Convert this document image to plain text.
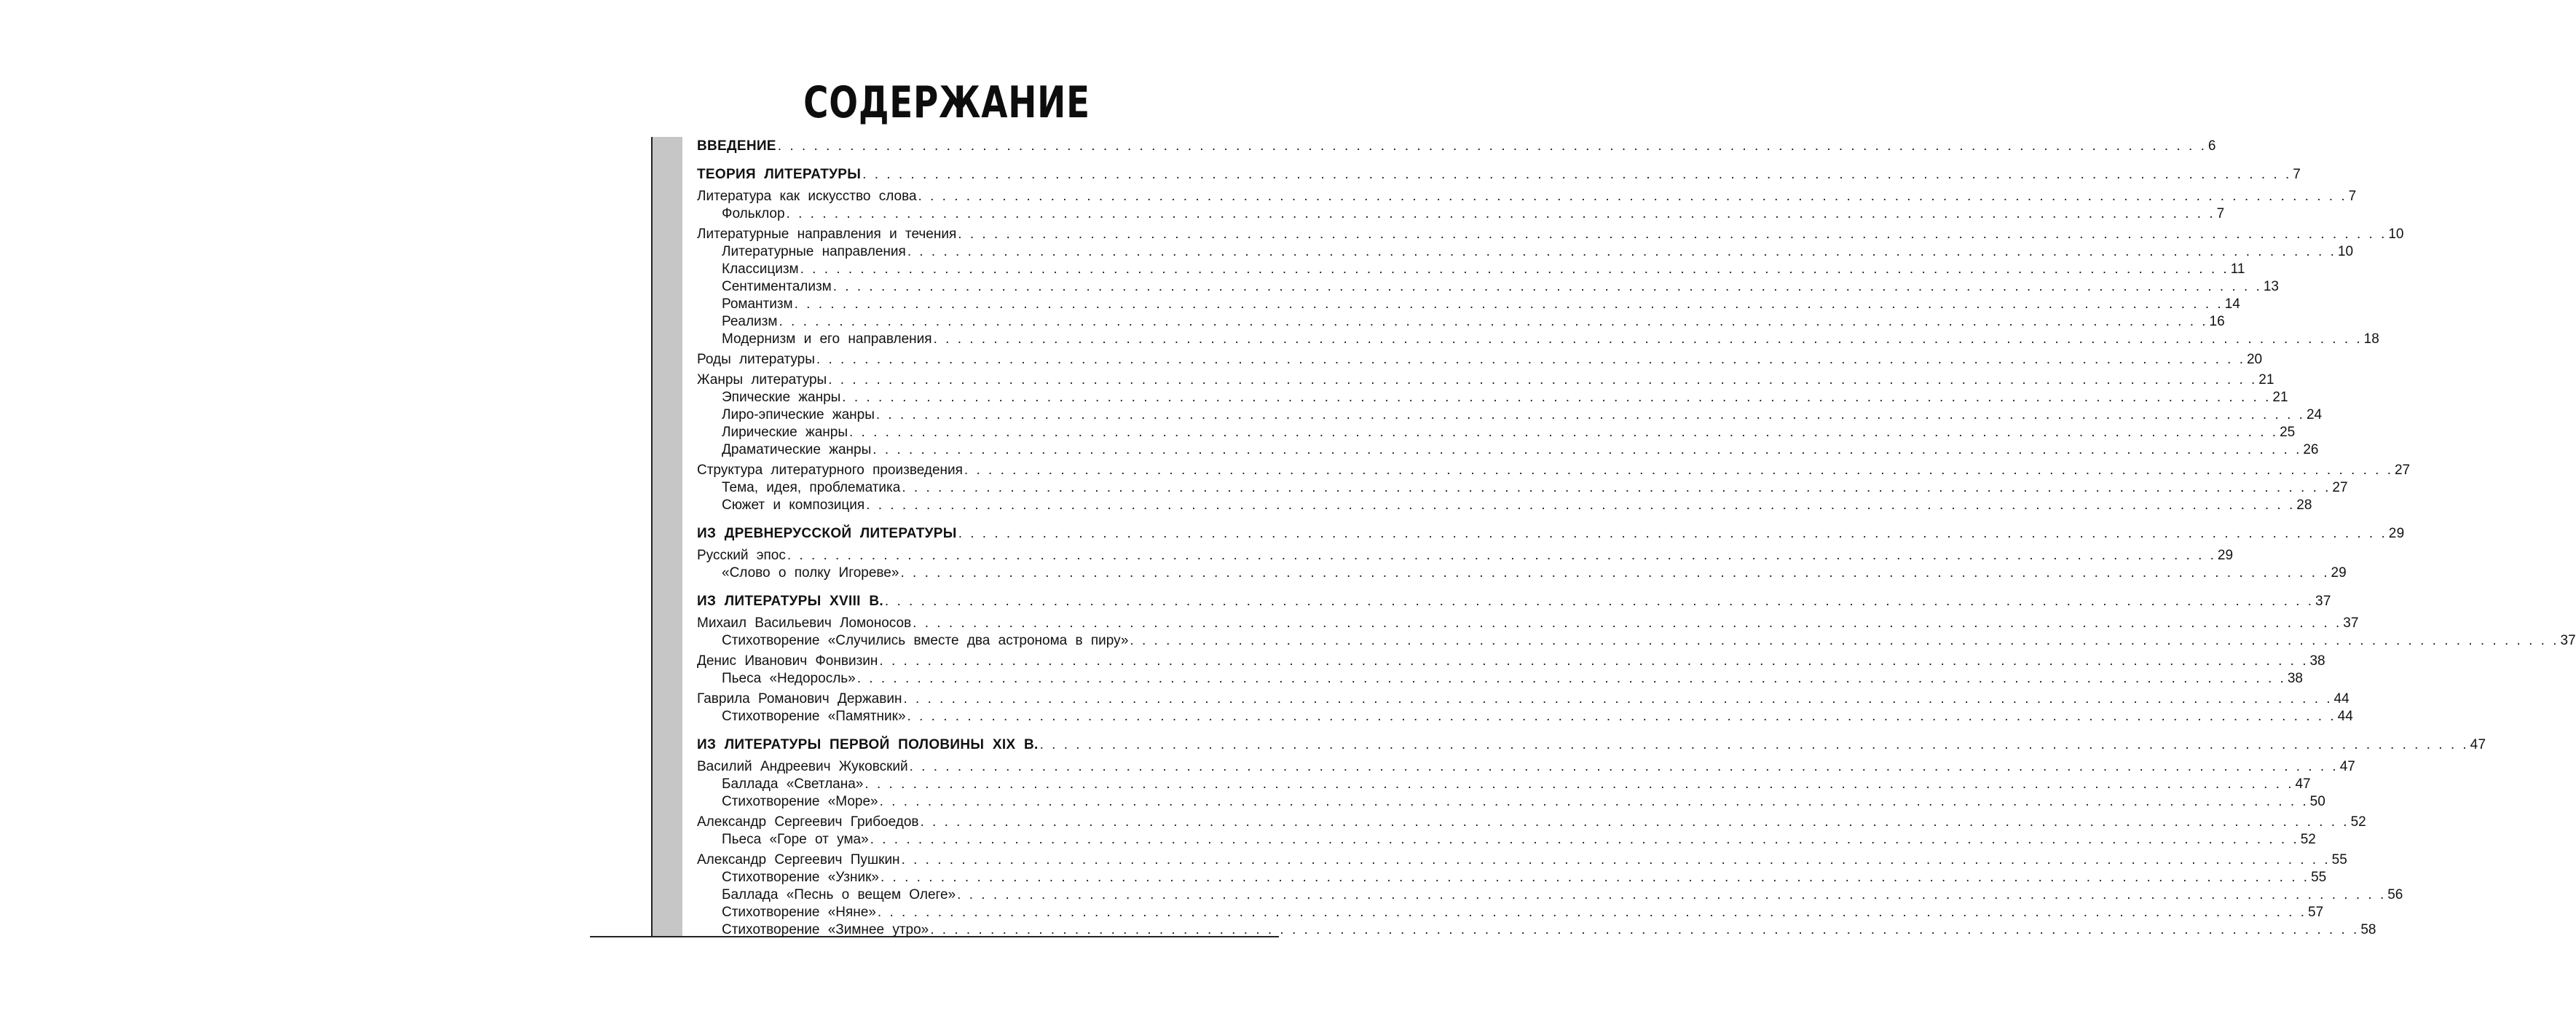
СОДЕРЖАНИЕ
ВВЕДЕНИЕ . . . . . . . . . . . . . . . . . . . . . . . . . . . . . . . . . . . . . . . . . . . . . . . . . . . . . . . . . . . . . . . . . . . . . . . . . . . . . . . . . . . . . . . . . . . . . . . . . . . . . . . . . . . . . . . . . . . . . . . 6
ТЕОРИЯ ЛИТЕРАТУРЫ . . . . . . . . . . . . . . . . . . . . . . . . . . . . . . . . . . . . . . . . . . . . . . . . . . . . . . . . . . . . . . . . . . . . . . . . . . . . . . . . . . . . . . . . . . . . . . . . . . . . . . . . . . . . . . . . . . . . . . . 7
Литература как искусство слова . . . . . . . . . . . . . . . . . . . . . . . . . . . . . . . . . . . . . . . . . . . . . . . . . . . . . . . . . . . . . . . . . . . . . . . . . . . . . . . . . . . . . . . . . . . . . . . . . . . . . . . . . . . . . . . . . . . . . . . 7
Фольклор . . . . . . . . . . . . . . . . . . . . . . . . . . . . . . . . . . . . . . . . . . . . . . . . . . . . . . . . . . . . . . . . . . . . . . . . . . . . . . . . . . . . . . . . . . . . . . . . . . . . . . . . . . . . . . . . . . . . . . . 7
Литературные направления и течения . . . . . . . . . . . . . . . . . . . . . . . . . . . . . . . . . . . . . . . . . . . . . . . . . . . . . . . . . . . . . . . . . . . . . . . . . . . . . . . . . . . . . . . . . . . . . . . . . . . . . . . . . . . . . . . . . . . . . . . 10
Литературные направления . . . . . . . . . . . . . . . . . . . . . . . . . . . . . . . . . . . . . . . . . . . . . . . . . . . . . . . . . . . . . . . . . . . . . . . . . . . . . . . . . . . . . . . . . . . . . . . . . . . . . . . . . . . . . . . . . . . . . . . 10
Классицизм . . . . . . . . . . . . . . . . . . . . . . . . . . . . . . . . . . . . . . . . . . . . . . . . . . . . . . . . . . . . . . . . . . . . . . . . . . . . . . . . . . . . . . . . . . . . . . . . . . . . . . . . . . . . . . . . . . . . . . . 11
Сентиментализм . . . . . . . . . . . . . . . . . . . . . . . . . . . . . . . . . . . . . . . . . . . . . . . . . . . . . . . . . . . . . . . . . . . . . . . . . . . . . . . . . . . . . . . . . . . . . . . . . . . . . . . . . . . . . . . . . . . . . . . 13
Романтизм . . . . . . . . . . . . . . . . . . . . . . . . . . . . . . . . . . . . . . . . . . . . . . . . . . . . . . . . . . . . . . . . . . . . . . . . . . . . . . . . . . . . . . . . . . . . . . . . . . . . . . . . . . . . . . . . . . . . . . . 14
Реализм . . . . . . . . . . . . . . . . . . . . . . . . . . . . . . . . . . . . . . . . . . . . . . . . . . . . . . . . . . . . . . . . . . . . . . . . . . . . . . . . . . . . . . . . . . . . . . . . . . . . . . . . . . . . . . . . . . . . . . . 16
Модернизм и его направления . . . . . . . . . . . . . . . . . . . . . . . . . . . . . . . . . . . . . . . . . . . . . . . . . . . . . . . . . . . . . . . . . . . . . . . . . . . . . . . . . . . . . . . . . . . . . . . . . . . . . . . . . . . . . . . . . . . . . . . 18
Роды литературы . . . . . . . . . . . . . . . . . . . . . . . . . . . . . . . . . . . . . . . . . . . . . . . . . . . . . . . . . . . . . . . . . . . . . . . . . . . . . . . . . . . . . . . . . . . . . . . . . . . . . . . . . . . . . . . . . . . . . . . 20
Жанры литературы . . . . . . . . . . . . . . . . . . . . . . . . . . . . . . . . . . . . . . . . . . . . . . . . . . . . . . . . . . . . . . . . . . . . . . . . . . . . . . . . . . . . . . . . . . . . . . . . . . . . . . . . . . . . . . . . . . . . . . . 21
Эпические жанры . . . . . . . . . . . . . . . . . . . . . . . . . . . . . . . . . . . . . . . . . . . . . . . . . . . . . . . . . . . . . . . . . . . . . . . . . . . . . . . . . . . . . . . . . . . . . . . . . . . . . . . . . . . . . . . . . . . . . . . 21
Лиро-эпические жанры . . . . . . . . . . . . . . . . . . . . . . . . . . . . . . . . . . . . . . . . . . . . . . . . . . . . . . . . . . . . . . . . . . . . . . . . . . . . . . . . . . . . . . . . . . . . . . . . . . . . . . . . . . . . . . . . . . . . . . . 24
Лирические жанры . . . . . . . . . . . . . . . . . . . . . . . . . . . . . . . . . . . . . . . . . . . . . . . . . . . . . . . . . . . . . . . . . . . . . . . . . . . . . . . . . . . . . . . . . . . . . . . . . . . . . . . . . . . . . . . . . . . . . . . 25
Драматические жанры . . . . . . . . . . . . . . . . . . . . . . . . . . . . . . . . . . . . . . . . . . . . . . . . . . . . . . . . . . . . . . . . . . . . . . . . . . . . . . . . . . . . . . . . . . . . . . . . . . . . . . . . . . . . . . . . . . . . . . . 26
Структура литературного произведения . . . . . . . . . . . . . . . . . . . . . . . . . . . . . . . . . . . . . . . . . . . . . . . . . . . . . . . . . . . . . . . . . . . . . . . . . . . . . . . . . . . . . . . . . . . . . . . . . . . . . . . . . . . . . . . . . . . . . . . 27
Тема, идея, проблематика . . . . . . . . . . . . . . . . . . . . . . . . . . . . . . . . . . . . . . . . . . . . . . . . . . . . . . . . . . . . . . . . . . . . . . . . . . . . . . . . . . . . . . . . . . . . . . . . . . . . . . . . . . . . . . . . . . . . . . . 27
Сюжет и композиция . . . . . . . . . . . . . . . . . . . . . . . . . . . . . . . . . . . . . . . . . . . . . . . . . . . . . . . . . . . . . . . . . . . . . . . . . . . . . . . . . . . . . . . . . . . . . . . . . . . . . . . . . . . . . . . . . . . . . . . 28
ИЗ ДРЕВНЕРУССКОЙ ЛИТЕРАТУРЫ . . . . . . . . . . . . . . . . . . . . . . . . . . . . . . . . . . . . . . . . . . . . . . . . . . . . . . . . . . . . . . . . . . . . . . . . . . . . . . . . . . . . . . . . . . . . . . . . . . . . . . . . . . . . . . . . . . . . . . . 29
Русский эпос . . . . . . . . . . . . . . . . . . . . . . . . . . . . . . . . . . . . . . . . . . . . . . . . . . . . . . . . . . . . . . . . . . . . . . . . . . . . . . . . . . . . . . . . . . . . . . . . . . . . . . . . . . . . . . . . . . . . . . . 29
«Слово о полку Игореве» . . . . . . . . . . . . . . . . . . . . . . . . . . . . . . . . . . . . . . . . . . . . . . . . . . . . . . . . . . . . . . . . . . . . . . . . . . . . . . . . . . . . . . . . . . . . . . . . . . . . . . . . . . . . . . . . . . . . . . . 29
ИЗ ЛИТЕРАТУРЫ XVIII В. . . . . . . . . . . . . . . . . . . . . . . . . . . . . . . . . . . . . . . . . . . . . . . . . . . . . . . . . . . . . . . . . . . . . . . . . . . . . . . . . . . . . . . . . . . . . . . . . . . . . . . . . . . . . . . . . . . . . . . . 37
Михаил Васильевич Ломоносов . . . . . . . . . . . . . . . . . . . . . . . . . . . . . . . . . . . . . . . . . . . . . . . . . . . . . . . . . . . . . . . . . . . . . . . . . . . . . . . . . . . . . . . . . . . . . . . . . . . . . . . . . . . . . . . . . . . . . . . 37
Стихотворение «Случились вместе два астронома в пиру» . . . . . . . . . . . . . . . . . . . . . . . . . . . . . . . . . . . . . . . . . . . . . . . . . . . . . . . . . . . . . . . . . . . . . . . . . . . . . . . . . . . . . . . . . . . . . . . . . . . . . . . . . . . . . . . . . . . . . . . 37
Денис Иванович Фонвизин . . . . . . . . . . . . . . . . . . . . . . . . . . . . . . . . . . . . . . . . . . . . . . . . . . . . . . . . . . . . . . . . . . . . . . . . . . . . . . . . . . . . . . . . . . . . . . . . . . . . . . . . . . . . . . . . . . . . . . . 38
Пьеса «Недоросль» . . . . . . . . . . . . . . . . . . . . . . . . . . . . . . . . . . . . . . . . . . . . . . . . . . . . . . . . . . . . . . . . . . . . . . . . . . . . . . . . . . . . . . . . . . . . . . . . . . . . . . . . . . . . . . . . . . . . . . . 38
Гаврила Романович Державин . . . . . . . . . . . . . . . . . . . . . . . . . . . . . . . . . . . . . . . . . . . . . . . . . . . . . . . . . . . . . . . . . . . . . . . . . . . . . . . . . . . . . . . . . . . . . . . . . . . . . . . . . . . . . . . . . . . . . . . 44
Стихотворение «Памятник» . . . . . . . . . . . . . . . . . . . . . . . . . . . . . . . . . . . . . . . . . . . . . . . . . . . . . . . . . . . . . . . . . . . . . . . . . . . . . . . . . . . . . . . . . . . . . . . . . . . . . . . . . . . . . . . . . . . . . . . 44
ИЗ ЛИТЕРАТУРЫ ПЕРВОЙ ПОЛОВИНЫ XIX В. . . . . . . . . . . . . . . . . . . . . . . . . . . . . . . . . . . . . . . . . . . . . . . . . . . . . . . . . . . . . . . . . . . . . . . . . . . . . . . . . . . . . . . . . . . . . . . . . . . . . . . . . . . . . . . . . . . . . . . . 47
Василий Андреевич Жуковский . . . . . . . . . . . . . . . . . . . . . . . . . . . . . . . . . . . . . . . . . . . . . . . . . . . . . . . . . . . . . . . . . . . . . . . . . . . . . . . . . . . . . . . . . . . . . . . . . . . . . . . . . . . . . . . . . . . . . . . 47
Баллада «Светлана» . . . . . . . . . . . . . . . . . . . . . . . . . . . . . . . . . . . . . . . . . . . . . . . . . . . . . . . . . . . . . . . . . . . . . . . . . . . . . . . . . . . . . . . . . . . . . . . . . . . . . . . . . . . . . . . . . . . . . . . 47
Стихотворение «Море» . . . . . . . . . . . . . . . . . . . . . . . . . . . . . . . . . . . . . . . . . . . . . . . . . . . . . . . . . . . . . . . . . . . . . . . . . . . . . . . . . . . . . . . . . . . . . . . . . . . . . . . . . . . . . . . . . . . . . . . 50
Александр Сергеевич Грибоедов . . . . . . . . . . . . . . . . . . . . . . . . . . . . . . . . . . . . . . . . . . . . . . . . . . . . . . . . . . . . . . . . . . . . . . . . . . . . . . . . . . . . . . . . . . . . . . . . . . . . . . . . . . . . . . . . . . . . . . . 52
Пьеса «Горе от ума» . . . . . . . . . . . . . . . . . . . . . . . . . . . . . . . . . . . . . . . . . . . . . . . . . . . . . . . . . . . . . . . . . . . . . . . . . . . . . . . . . . . . . . . . . . . . . . . . . . . . . . . . . . . . . . . . . . . . . . . 52
Александр Сергеевич Пушкин . . . . . . . . . . . . . . . . . . . . . . . . . . . . . . . . . . . . . . . . . . . . . . . . . . . . . . . . . . . . . . . . . . . . . . . . . . . . . . . . . . . . . . . . . . . . . . . . . . . . . . . . . . . . . . . . . . . . . . . 55
Стихотворение «Узник» . . . . . . . . . . . . . . . . . . . . . . . . . . . . . . . . . . . . . . . . . . . . . . . . . . . . . . . . . . . . . . . . . . . . . . . . . . . . . . . . . . . . . . . . . . . . . . . . . . . . . . . . . . . . . . . . . . . . . . . 55
Баллада «Песнь о вещем Олеге» . . . . . . . . . . . . . . . . . . . . . . . . . . . . . . . . . . . . . . . . . . . . . . . . . . . . . . . . . . . . . . . . . . . . . . . . . . . . . . . . . . . . . . . . . . . . . . . . . . . . . . . . . . . . . . . . . . . . . . . 56
Стихотворение «Няне» . . . . . . . . . . . . . . . . . . . . . . . . . . . . . . . . . . . . . . . . . . . . . . . . . . . . . . . . . . . . . . . . . . . . . . . . . . . . . . . . . . . . . . . . . . . . . . . . . . . . . . . . . . . . . . . . . . . . . . . 57
Стихотворение «Зимнее утро» . . . . . . . . . . . . . . . . . . . . . . . . . . . . . . . . . . . . . . . . . . . . . . . . . . . . . . . . . . . . . . . . . . . . . . . . . . . . . . . . . . . . . . . . . . . . . . . . . . . . . . . . . . . . . . . . . . . . . . . 58
